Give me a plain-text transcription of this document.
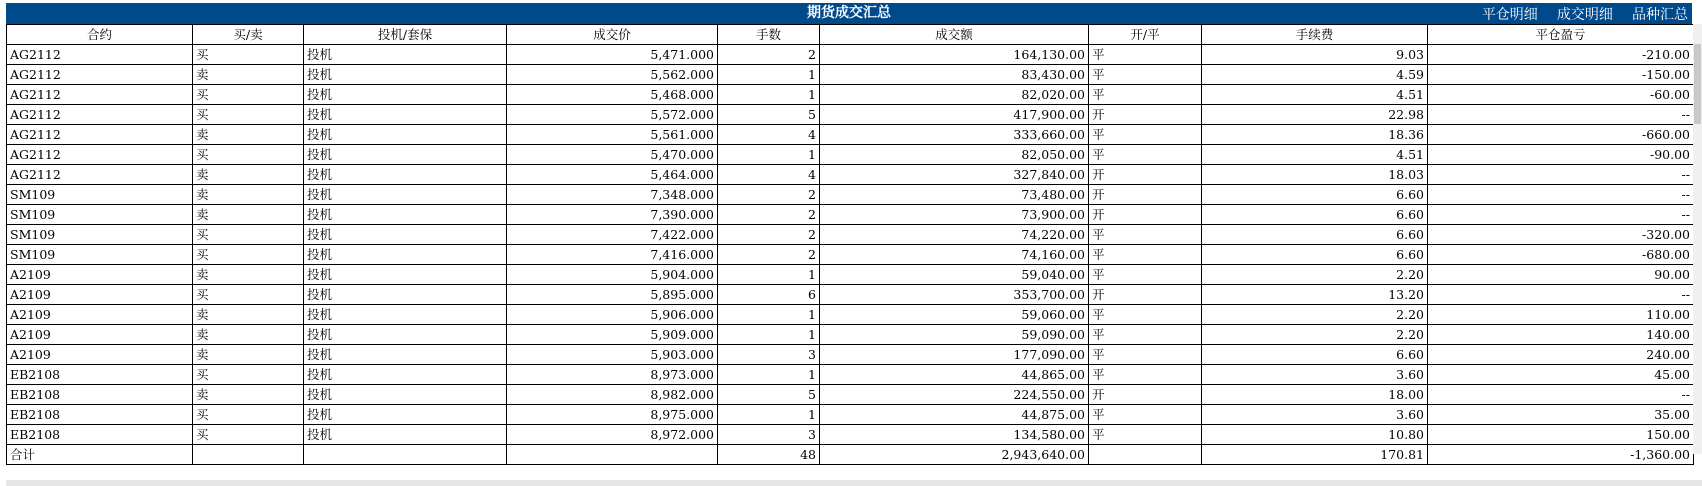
期货成交汇总	平仓明细 成交明细 品种汇总
合约	买/卖	投机/套保	成交价	手数	成交额	开/平	手续费	平仓盈亏
AG2112	买	投机	5,471.000	2	164,130.00	平	9.03	-210.00
AG2112	卖	投机	5,562.000	1	83,430.00	平	4.59	-150.00
AG2112	买	投机	5,468.000	1	82,020.00	平	4.51	-60.00
AG2112	买	投机	5,572.000	5	417,900.00	开	22.98	--
AG2112	卖	投机	5,561.000	4	333,660.00	平	18.36	-660.00
AG2112	买	投机	5,470.000	1	82,050.00	平	4.51	-90.00
AG2112	卖	投机	5,464.000	4	327,840.00	开	18.03	--
SM109	卖	投机	7,348.000	2	73,480.00	开	6.60	--
SM109	卖	投机	7,390.000	2	73,900.00	开	6.60	--
SM109	买	投机	7,422.000	2	74,220.00	平	6.60	-320.00
SM109	买	投机	7,416.000	2	74,160.00	平	6.60	-680.00
A2109	卖	投机	5,904.000	1	59,040.00	平	2.20	90.00
A2109	买	投机	5,895.000	6	353,700.00	开	13.20	--
A2109	卖	投机	5,906.000	1	59,060.00	平	2.20	110.00
A2109	卖	投机	5,909.000	1	59,090.00	平	2.20	140.00
A2109	卖	投机	5,903.000	3	177,090.00	平	6.60	240.00
EB2108	买	投机	8,973.000	1	44,865.00	平	3.60	45.00
EB2108	卖	投机	8,982.000	5	224,550.00	开	18.00	--
EB2108	买	投机	8,975.000	1	44,875.00	平	3.60	35.00
EB2108	买	投机	8,972.000	3	134,580.00	平	10.80	150.00
合计				48	2,943,640.00		170.81	-1,360.00
